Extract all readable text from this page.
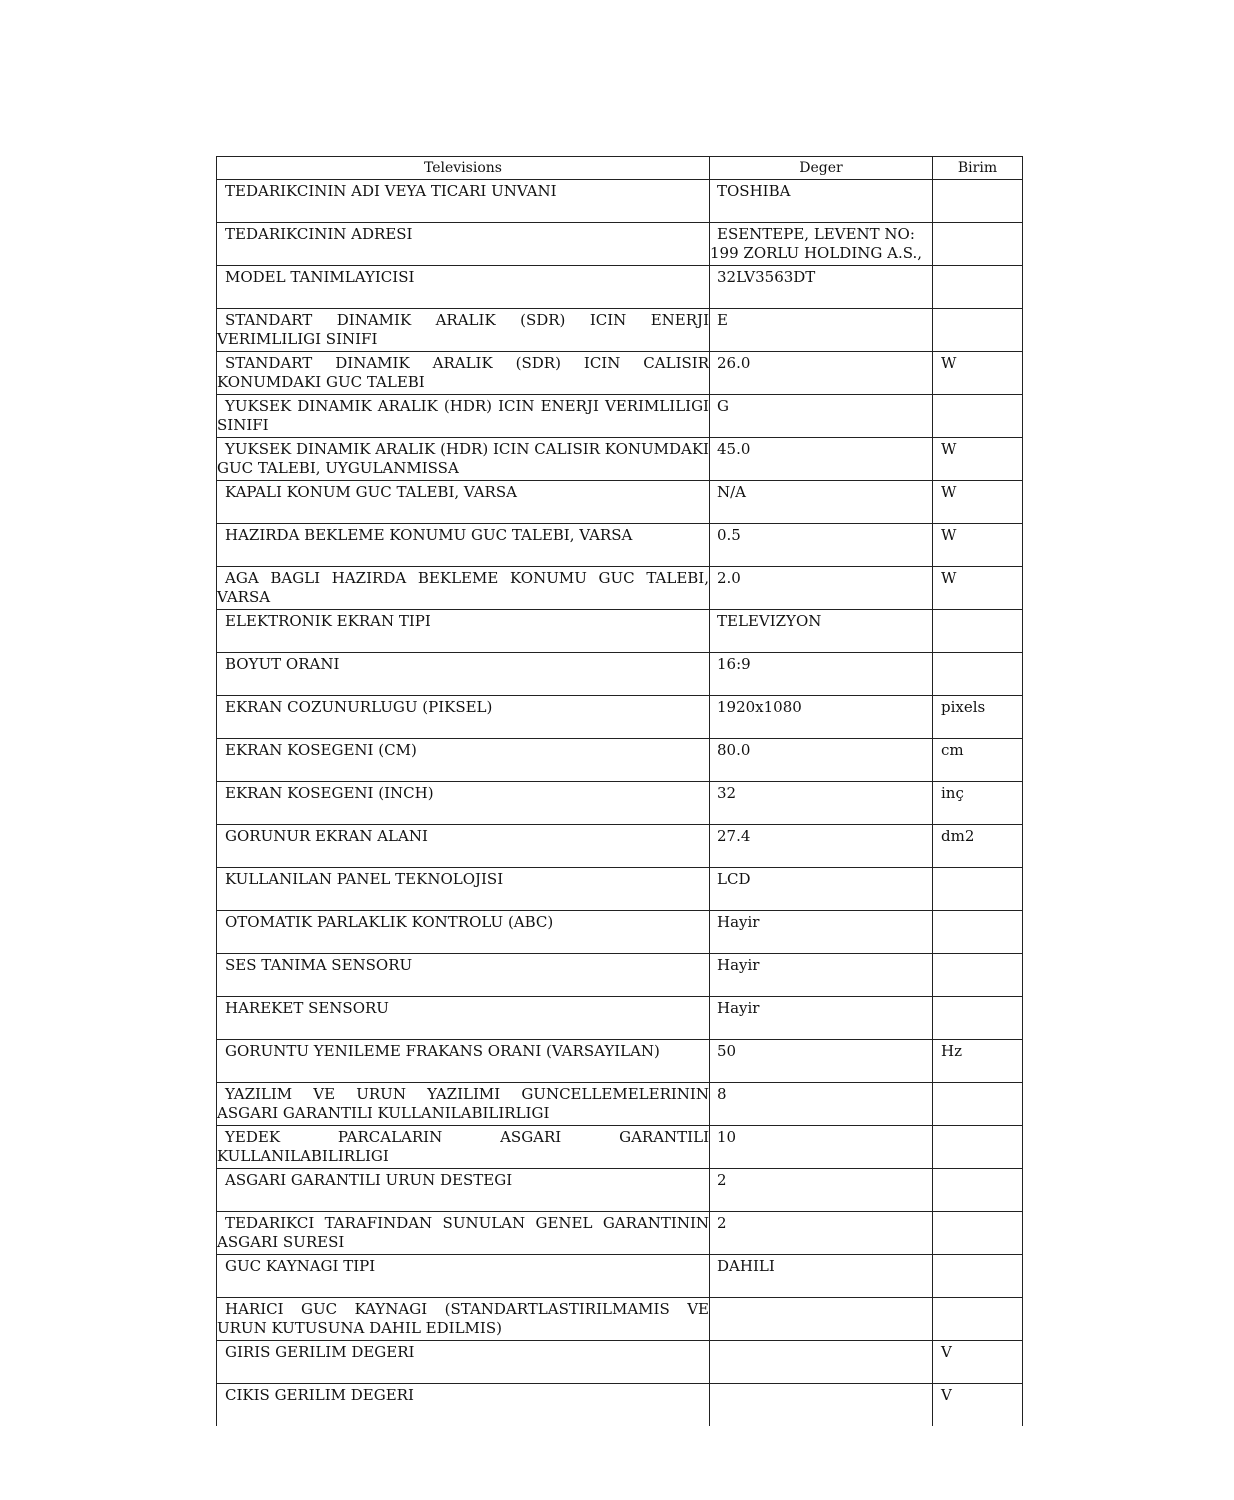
Televisions	Deger	Birim
TEDARIKCININ ADI VEYA TICARI UNVANI	TOSHIBA	
TEDARIKCININ ADRESI	ESENTEPE, LEVENT NO: 199 ZORLU HOLDING A.S.,	
MODEL TANIMLAYICISI	32LV3563DT	
STANDART DINAMIK ARALIK (SDR) ICIN ENERJI VERIMLILIGI SINIFI	E	
STANDART DINAMIK ARALIK (SDR) ICIN CALISIR KONUMDAKI GUC TALEBI	26.0	W
YUKSEK DINAMIK ARALIK (HDR) ICIN ENERJI VERIMLILIGI SINIFI	G	
YUKSEK DINAMIK ARALIK (HDR) ICIN CALISIR KONUMDAKI GUC TALEBI, UYGULANMISSA	45.0	W
KAPALI KONUM GUC TALEBI, VARSA	N/A	W
HAZIRDA BEKLEME KONUMU GUC TALEBI, VARSA	0.5	W
AGA BAGLI HAZIRDA BEKLEME KONUMU GUC TALEBI, VARSA	2.0	W
ELEKTRONIK EKRAN TIPI	TELEVIZYON	
BOYUT ORANI	16:9	
EKRAN COZUNURLUGU (PIKSEL)	1920x1080	pixels
EKRAN KOSEGENI (CM)	80.0	cm
EKRAN KOSEGENI (INCH)	32	inç
GORUNUR EKRAN ALANI	27.4	dm2
KULLANILAN PANEL TEKNOLOJISI	LCD	
OTOMATIK PARLAKLIK KONTROLU (ABC)	Hayir	
SES TANIMA SENSORU	Hayir	
HAREKET SENSORU	Hayir	
GORUNTU YENILEME FRAKANS ORANI (VARSAYILAN)	50	Hz
YAZILIM VE URUN YAZILIMI GUNCELLEMELERININ ASGARI GARANTILI KULLANILABILIRLIGI	8	
YEDEK PARCALARIN ASGARI GARANTILI KULLANILABILIRLIGI	10	
ASGARI GARANTILI URUN DESTEGI	2	
TEDARIKCI TARAFINDAN SUNULAN GENEL GARANTININ ASGARI SURESI	2	
GUC KAYNAGI TIPI	DAHILI	
HARICI GUC KAYNAGI (STANDARTLASTIRILMAMIS VE URUN KUTUSUNA DAHIL EDILMIS)		
GIRIS GERILIM DEGERI		V
CIKIS GERILIM DEGERI		V
